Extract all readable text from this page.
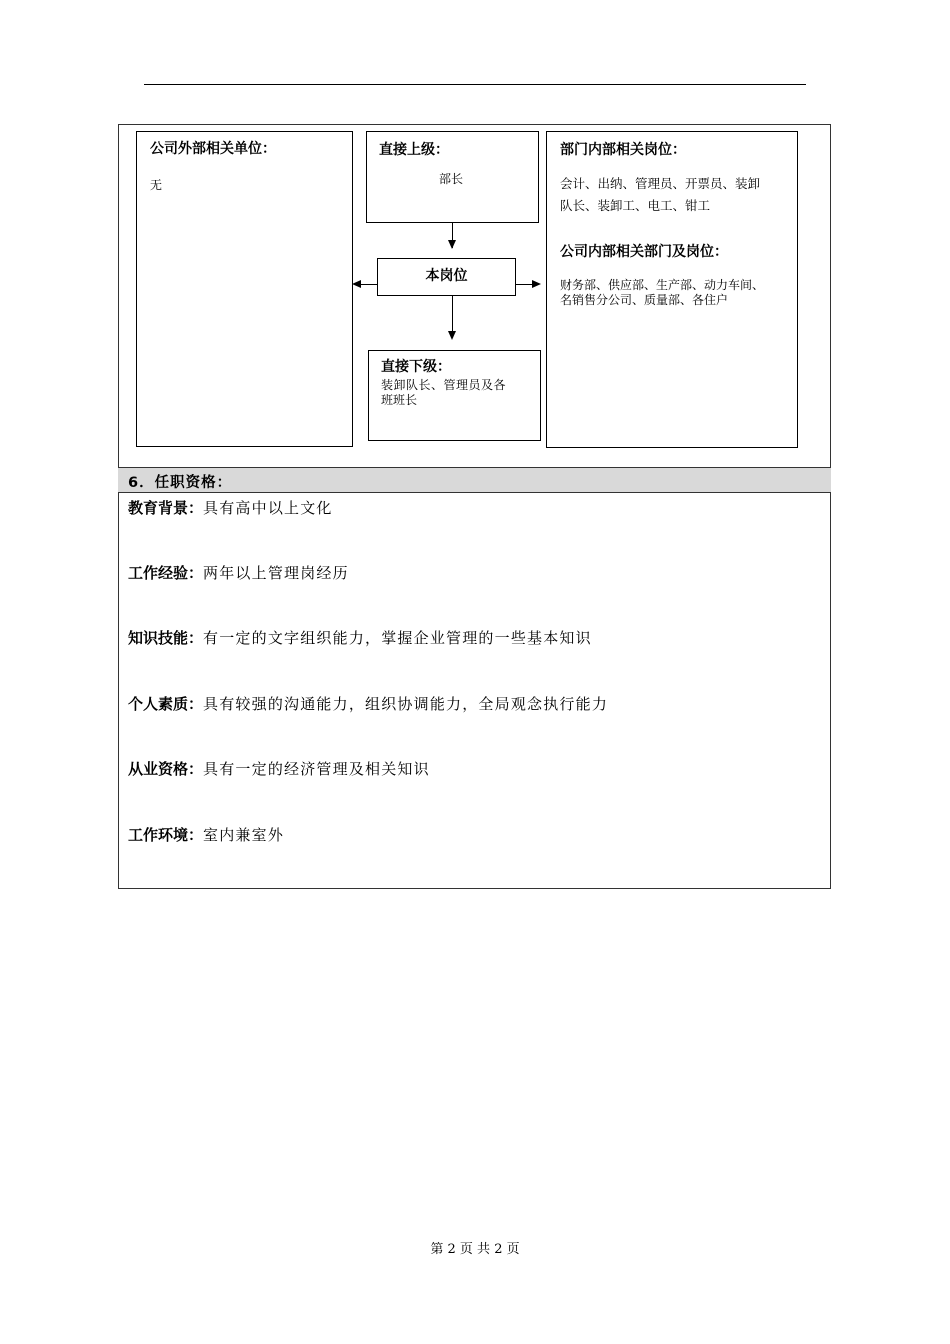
公司外部相关单位：
无
直接上级：
部长
本岗位
直接下级：
装卸队长、管理员及各
班班长
部门内部相关岗位：
会计、出纳、管理员、开票员、装卸
队长、装卸工、电工、钳工
公司内部相关部门及岗位：
财务部、供应部、生产部、动力车间、
名销售分公司、质量部、各住户
6．任职资格：
教育背景：具有高中以上文化
工作经验：两年以上管理岗经历
知识技能：有一定的文字组织能力，掌握企业管理的一些基本知识
个人素质：具有较强的沟通能力，组织协调能力，全局观念执行能力
从业资格：具有一定的经济管理及相关知识
工作环境：室内兼室外
第 2 页 共 2 页
